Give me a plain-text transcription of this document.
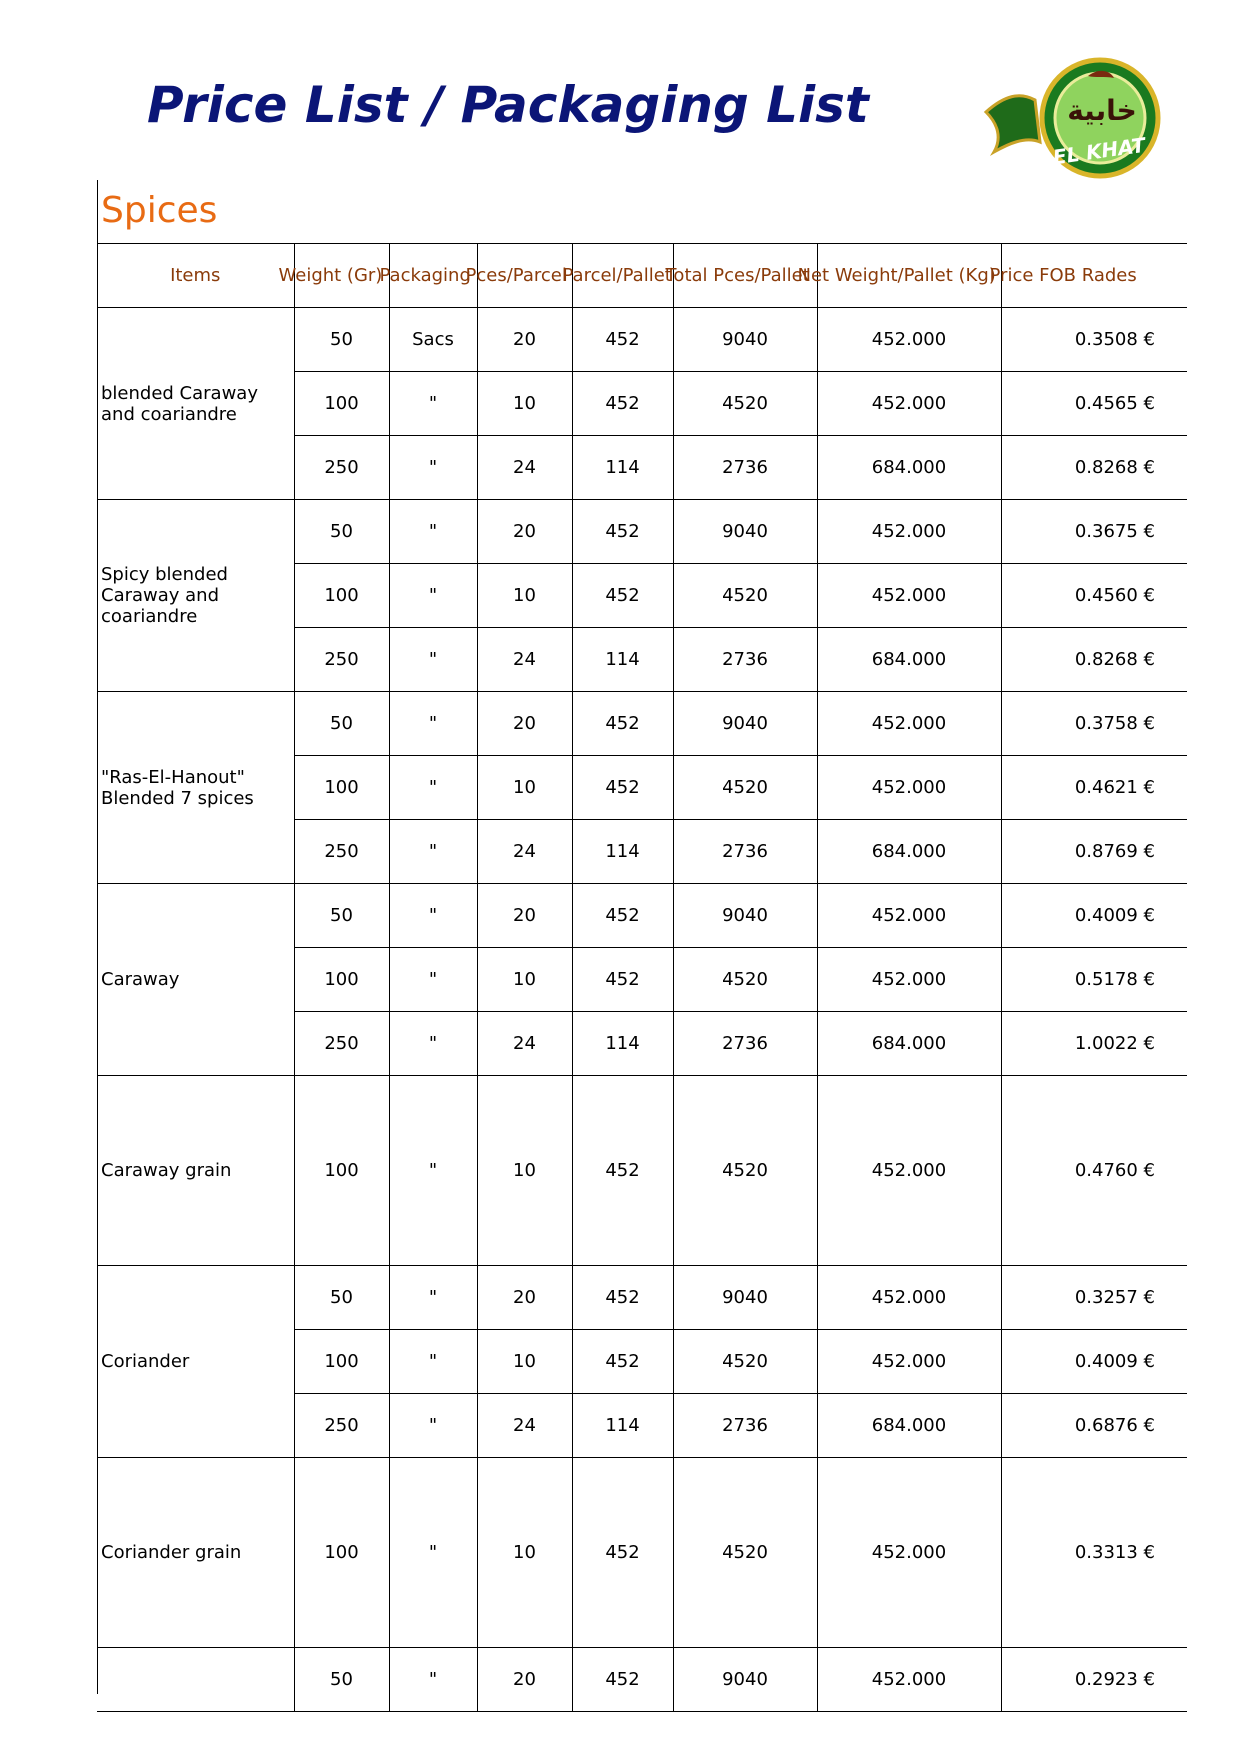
Price List / Packaging List	خابية
EL KHAT
Spices
Items	Weight (Gr)	Packaging	Pces/Parcel	Parcel/Pallet	Total Pces/Pallet	Net Weight/Pallet (Kg)	Price FOB Rades

blended Caraway and coariandre	50	Sacs	20	452	9040	452.000	0.3508 €
	100	"	10	452	4520	452.000	0.4565 €
	250	"	24	114	2736	684.000	0.8268 €

Spicy blended Caraway and coariandre	50	"	20	452	9040	452.000	0.3675 €
	100	"	10	452	4520	452.000	0.4560 €
	250	"	24	114	2736	684.000	0.8268 €

"Ras-El-Hanout" Blended 7 spices	50	"	20	452	9040	452.000	0.3758 €
	100	"	10	452	4520	452.000	0.4621 €
	250	"	24	114	2736	684.000	0.8769 €

Caraway	50	"	20	452	9040	452.000	0.4009 €
	100	"	10	452	4520	452.000	0.5178 €
	250	"	24	114	2736	684.000	1.0022 €

Caraway grain	100	"	10	452	4520	452.000	0.4760 €

Coriander	50	"	20	452	9040	452.000	0.3257 €
	100	"	10	452	4520	452.000	0.4009 €
	250	"	24	114	2736	684.000	0.6876 €

Coriander grain	100	"	10	452	4520	452.000	0.3313 €

	50	"	20	452	9040	452.000	0.2923 €
